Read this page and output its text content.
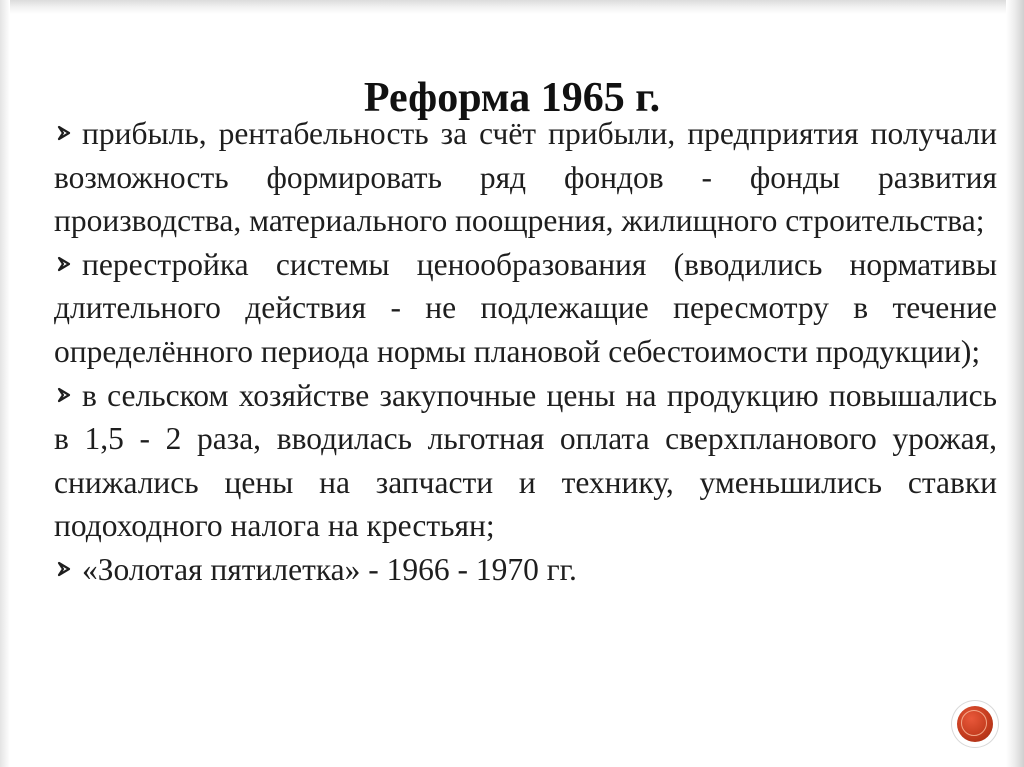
Реформа 1965 г.

прибыль, рентабельность за счёт прибыли, предприятия получали возможность формировать ряд фондов - фонды развития производства, материального поощрения, жилищного строительства;

перестройка системы ценообразования (вводились нормативы длительного действия - не подлежащие пересмотру в течение определённого периода нормы плановой себестоимости продукции);

в сельском хозяйстве закупочные цены на продукцию повышались в 1,5 - 2 раза, вводилась льготная оплата сверхпланового урожая, снижались цены на запчасти и технику, уменьшились ставки подоходного налога на крестьян;

«Золотая пятилетка» - 1966 - 1970 гг.
